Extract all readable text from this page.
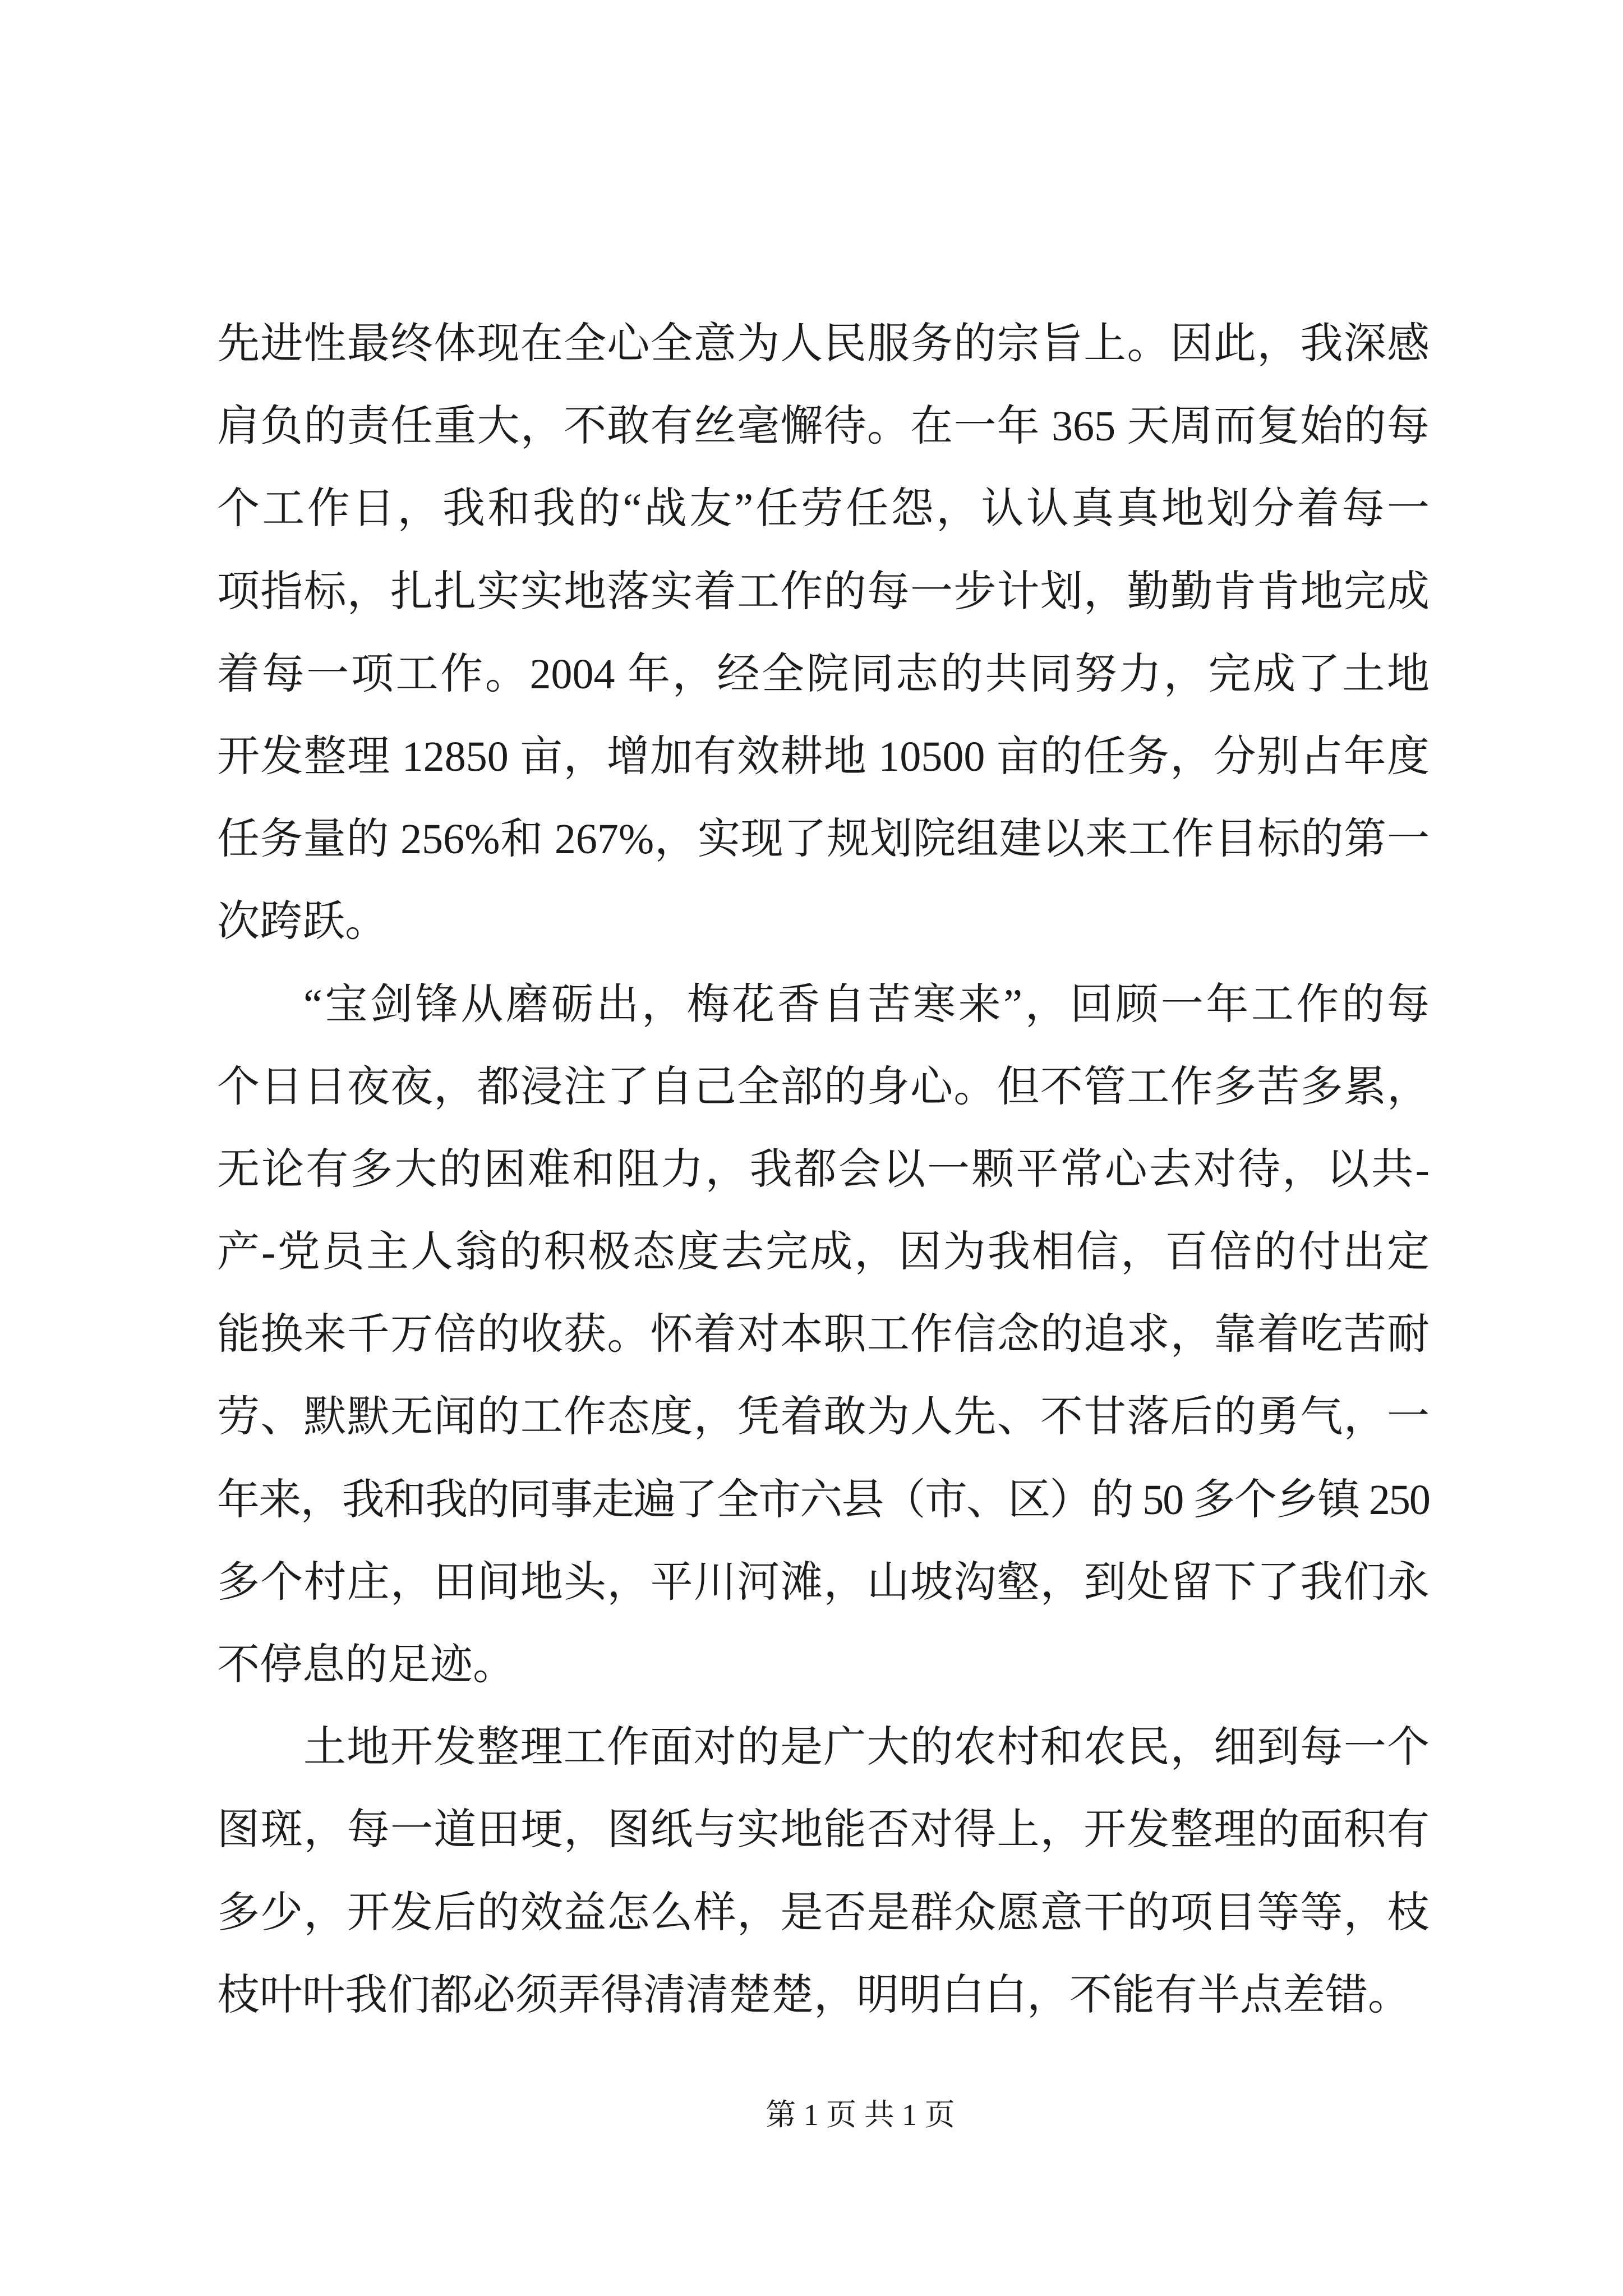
先进性最终体现在全心全意为人民服务的宗旨上。因此，我深感
肩负的责任重大，不敢有丝毫懈待。在一年 365 天周而复始的每
个工作日，我和我的“战友”任劳任怨，认认真真地划分着每一
项指标，扎扎实实地落实着工作的每一步计划，勤勤肯肯地完成
着每一项工作。2004 年，经全院同志的共同努力，完成了土地
开发整理 12850 亩，增加有效耕地 10500 亩的任务，分别占年度
任务量的 256%和 267%，实现了规划院组建以来工作目标的第一
次跨跃。
“宝剑锋从磨砺出，梅花香自苦寒来”，回顾一年工作的每
个日日夜夜，都浸注了自己全部的身心。但不管工作多苦多累，
无论有多大的困难和阻力，我都会以一颗平常心去对待，以共-
产-党员主人翁的积极态度去完成，因为我相信，百倍的付出定
能换来千万倍的收获。怀着对本职工作信念的追求，靠着吃苦耐
劳、默默无闻的工作态度，凭着敢为人先、不甘落后的勇气，一
年来，我和我的同事走遍了全市六县（市、区）的 50 多个乡镇 250
多个村庄，田间地头，平川河滩，山坡沟壑，到处留下了我们永
不停息的足迹。
土地开发整理工作面对的是广大的农村和农民，细到每一个
图斑，每一道田埂，图纸与实地能否对得上，开发整理的面积有
多少，开发后的效益怎么样，是否是群众愿意干的项目等等，枝
枝叶叶我们都必须弄得清清楚楚，明明白白，不能有半点差错。
第 1 页 共 1 页
